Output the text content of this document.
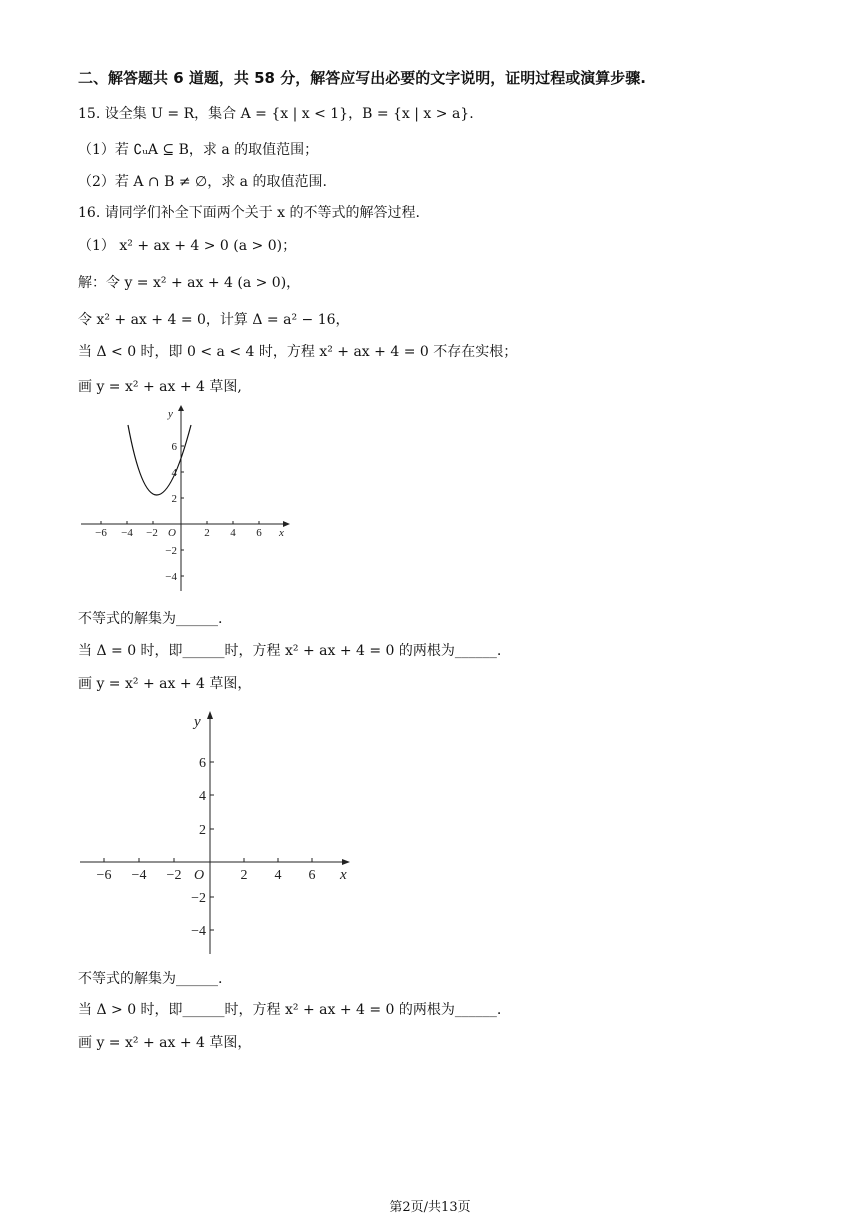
二、解答题共 6 道题，共 58 分，解答应写出必要的文字说明，证明过程或演算步骤.
15. 设全集 U = R，集合 A = {x | x < 1}，B = {x | x > a}.
（1）若 ∁ᵤA ⊆ B，求 a 的取值范围；
（2）若 A ∩ B ≠ ∅，求 a 的取值范围.
16. 请同学们补全下面两个关于 x 的不等式的解答过程.
（1） x² + ax + 4 > 0 (a > 0)；
解：令 y = x² + ax + 4 (a > 0)，
令 x² + ax + 4 = 0，计算 Δ = a² − 16，
当 Δ < 0 时，即 0 < a < 4 时，方程 x² + ax + 4 = 0 不存在实根；
画 y = x² + ax + 4 草图,
−6 −4 −2	2 4 6
6
4
2
−2
−4
O	x
y
不等式的解集为______.
当 Δ = 0 时，即______时，方程 x² + ax + 4 = 0 的两根为______.
画 y = x² + ax + 4 草图，
−6 −4 −2	2 4 6
6
4
2
−2
−4
O	x
y
不等式的解集为______.
当 Δ > 0 时，即______时，方程 x² + ax + 4 = 0 的两根为______.
画 y = x² + ax + 4 草图，
第2页/共13页
